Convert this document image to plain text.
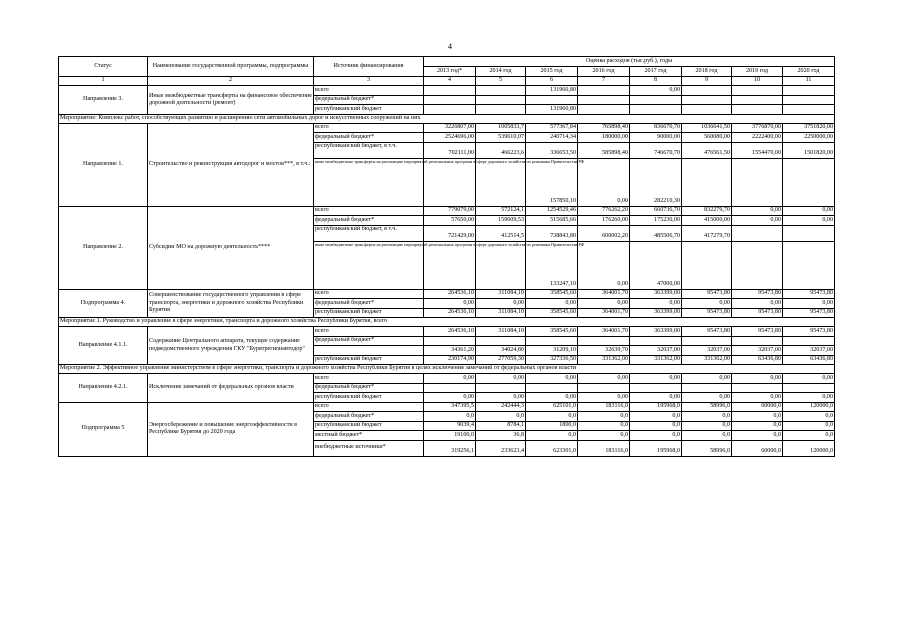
4
Статус	Наименование государственной программы, подпрограммы	Источник финансирования	Оценка расходов (тыс.руб.), годы							
			2013 год*	2014 год	2015 год	2016 год	2017 год	2018 год	2019 год	2020 год
1	2	3	4	5	6	7	8	9	10	11
Направление 3.	Иные межбюджетные трансферты на финансовое обеспечение дорожной деятельности (ремонт)	всего			131960,80		0,00			
		федеральный бюджет*								
		республиканский бюджет			131960,80					
Мероприятие: Комплекс работ, способствующих развитию и расширению сети автомобильных дорог и искусственных сооружений на них										
Направление 1.	Строительство и реконструкция автодорог и мостов***, в т.ч.:	всего	3226807,00	1005833,7	577367,84	765898,40	836670,70	1036641,50	3776870,00	3751820,00
		федеральный бюджет*	2524696,00	539610,07	240714,34	180000,00	90000,00	560080,00	2222400,00	2250000,00
		республиканский бюджет, в т.ч.	702111,00	466223,6	336653,50	585898,40	746670,70	476561,50	1554470,00	1501820,00
		иные межбюджетные трансферты на реализацию мероприятий региональных программ в сфере дорожного хозяйства по решениям Правительства РФ			157850,10	0,00	282210,30			
Направление 2.	Субсидии МО на дорожную деятельность****	всего	779079,00	572124,1	1254529,46	776262,20	660736,70	832279,70	0,00	0,00
		федеральный бюджет*	57650,00	159609,53	515685,66	176260,00	175230,00	415000,00	0,00	0,00
		республиканский бюджет, в т.ч.	721429,00	412514,5	738843,80	600002,20	485506,70	417279,70		
		иные межбюджетные трансферты на реализацию мероприятий региональных программ в сфере дорожного хозяйства по решениям Правительства РФ			133247,10	0,00	47000,00			
Подпрограмма 4.	Совершенствование государственного управления в сфере транспорта, энергетики и дорожного хозяйства Республики Бурятия	всего	264536,10	311084,10	358545,60	364001,70	363399,00	95473,80	95473,80	95473,80
		федеральный бюджет*	0,00	0,00	0,00	0,00	0,00	0,00	0,00	0,00
		республиканский бюджет	264536,10	311084,10	358545,60	364001,70	363399,00	95473,80	95473,80	95473,80
Мероприятие 1. Руководство и управление в сфере энергетики, транспорта и дорожного хозяйства Республики Бурятия, всего										
Направление 4.1.1.	Содержание Центрального аппарата, текущее содержание подведомственного учреждения ГКУ "Бурятрегионавтодор"	всего	264536,10	311084,10	358545,60	364001,70	363399,00	95473,80	95473,80	95473,80
		федеральный бюджет*								
			34361,20	34024,80	31209,10	32639,70	32037,00	32037,00	32037,00	32037,00
		республиканский бюджет	230174,90	277059,30	327336,50	331362,00	331362,00	331362,00	63436,80	63436,80
Мероприятие 2. Эффективное управление министерством в сфере энергетики, транспорта и дорожного хозяйства Республики Бурятия в целях исключения замечаний от федеральных органов власти										
Направление 4.2.1.	Исключение замечаний от федеральных органов власти	всего	0,00	0,00	0,00	0,00	0,00	0,00	0,00	0,00
		федеральный бюджет*								
		республиканский бюджет	0,00	0,00	0,00	0,00	0,00	0,00	0,00	0,00
Подпрограмма 5	Энергосбережение и повышение энергоэффективности в Республике Бурятия до 2020 года	всего	347395,5	242444,3	625101,0	183116,0	195968,0	58996,0	60000,0	120000,0
		федеральный бюджет*	0,0	0,0	0,0	0,0	0,0	0,0	0,0	0,0
		республиканский бюджет	9039,4	8784,1	1800,0	0,0	0,0	0,0	0,0	0,0
		местный бюджет*	19100,0	36,8	0,0	0,0	0,0	0,0	0,0	0,0
		внебюджетные источники*	319256,1	233623,4	623301,0	183116,0	195968,0	58996,0	60000,0	120000,0
